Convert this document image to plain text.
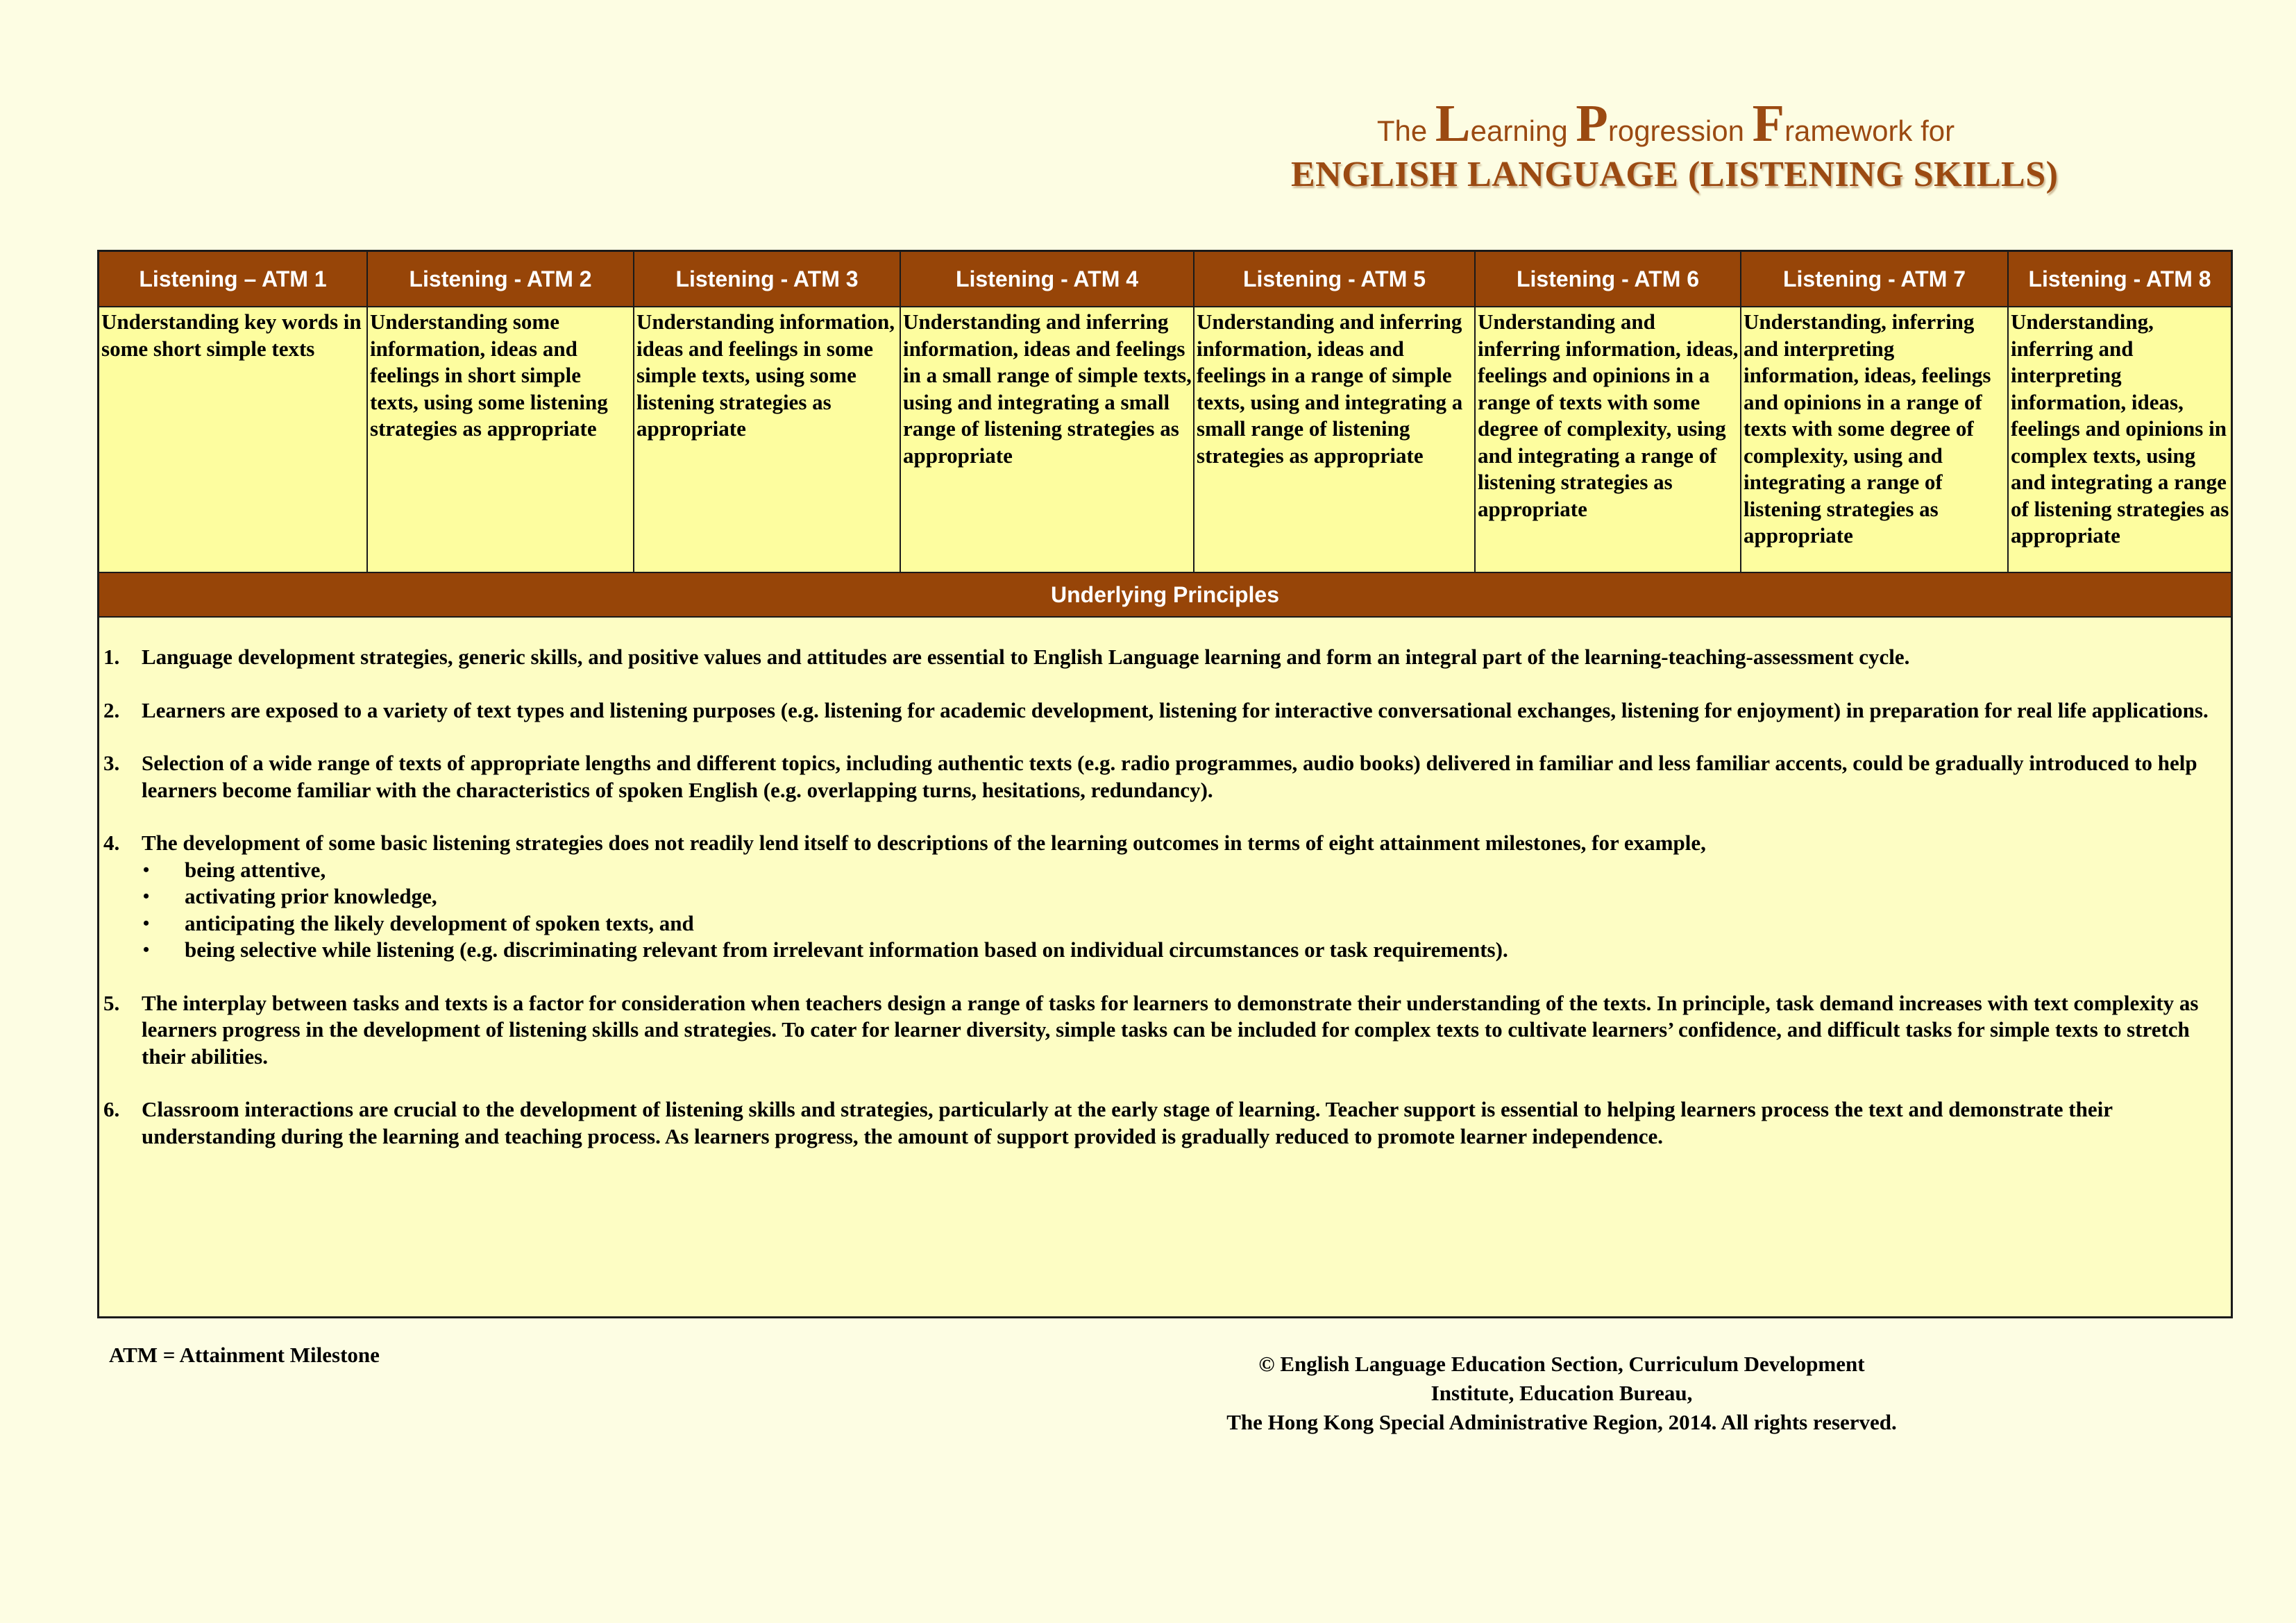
The Learning Progression Framework for
ENGLISH LANGUAGE (LISTENING SKILLS)
Listening – ATM 1	Listening - ATM 2	Listening - ATM 3	Listening - ATM 4	Listening - ATM 5	Listening - ATM 6	Listening - ATM 7	Listening - ATM 8
Understanding key words in some short simple texts	Understanding some information, ideas and feelings in short simple texts, using some listening strategies as appropriate	Understanding information, ideas and feelings in some simple texts, using some listening strategies as appropriate	Understanding and inferring information, ideas and feelings in a small range of simple texts, using and integrating a small range of listening strategies as appropriate	Understanding and inferring information, ideas and feelings in a range of simple texts, using and integrating a small range of listening strategies as appropriate	Understanding and inferring information, ideas, feelings and opinions in a range of texts with some degree of complexity, using and integrating a range of listening strategies as appropriate	Understanding, inferring and interpreting information, ideas, feelings and opinions in a range of texts with some degree of complexity, using and integrating a range of listening strategies as appropriate	Understanding, inferring and interpreting information, ideas, feelings and opinions in complex texts, using and integrating a range of listening strategies as appropriate
Underlying Principles
1.	Language development strategies, generic skills, and positive values and attitudes are essential to English Language learning and form an integral part of the learning-teaching-assessment cycle.
2.	Learners are exposed to a variety of text types and listening purposes (e.g. listening for academic development, listening for interactive conversational exchanges, listening for enjoyment) in preparation for real life applications.
3.	Selection of a wide range of texts of appropriate lengths and different topics, including authentic texts (e.g. radio programmes, audio books) delivered in familiar and less familiar accents, could be gradually introduced to help learners become familiar with the characteristics of spoken English (e.g. overlapping turns, hesitations, redundancy).
4.	The development of some basic listening strategies does not readily lend itself to descriptions of the learning outcomes in terms of eight attainment milestones, for example,
•	being attentive,
•	activating prior knowledge,
•	anticipating the likely development of spoken texts, and
•	being selective while listening (e.g. discriminating relevant from irrelevant information based on individual circumstances or task requirements).
5.	The interplay between tasks and texts is a factor for consideration when teachers design a range of tasks for learners to demonstrate their understanding of the texts. In principle, task demand increases with text complexity as learners progress in the development of listening skills and strategies. To cater for learner diversity, simple tasks can be included for complex texts to cultivate learners’ confidence, and difficult tasks for simple texts to stretch their abilities.
6.	Classroom interactions are crucial to the development of listening skills and strategies, particularly at the early stage of learning. Teacher support is essential to helping learners process the text and demonstrate their understanding during the learning and teaching process. As learners progress, the amount of support provided is gradually reduced to promote learner independence.
ATM = Attainment Milestone	© English Language Education Section, Curriculum Development Institute, Education Bureau,
The Hong Kong Special Administrative Region, 2014. All rights reserved.
